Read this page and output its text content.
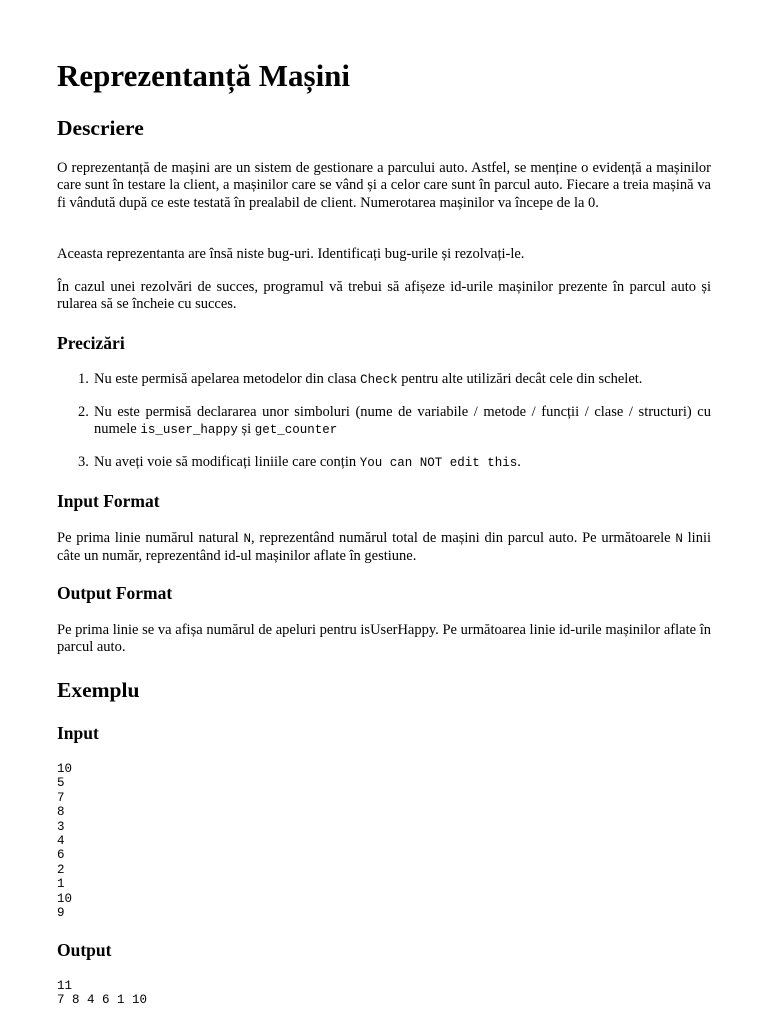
Reprezentanță Mașini
Descriere

O reprezentanță de mașini are un sistem de gestionare a parcului auto. Astfel, se menține o evidență a mașinilor care sunt în testare la client, a mașinilor care se vând și a celor care sunt în parcul auto. Fiecare a treia mașină va fi vândută după ce este testată în prealabil de client. Numerotarea mașinilor va începe de la 0.

Aceasta reprezentanta are însă niste bug-uri. Identificați bug-urile și rezolvați-le.

În cazul unei rezolvări de succes, programul vă trebui să afișeze id-urile mașinilor prezente în parcul auto și rularea să se încheie cu succes.

Precizări
1. Nu este permisă apelarea metodelor din clasa Check pentru alte utilizări decât cele din schelet.
2. Nu este permisă declararea unor simboluri (nume de variabile / metode / funcții / clase / structuri) cu numele is_user_happy și get_counter
3. Nu aveți voie să modificați liniile care conțin You can NOT edit this.
Input Format

Pe prima linie numărul natural N, reprezentând numărul total de mașini din parcul auto. Pe următoarele N linii câte un număr, reprezentând id-ul mașinilor aflate în gestiune.

Output Format

Pe prima linie se va afișa numărul de apeluri pentru isUserHappy. Pe următoarea linie id-urile mașinilor aflate în parcul auto.

Exemplu
Input
10
5
7
8
3
4
6
2
1
10
9
Output
11
7 8 4 6 1 10
